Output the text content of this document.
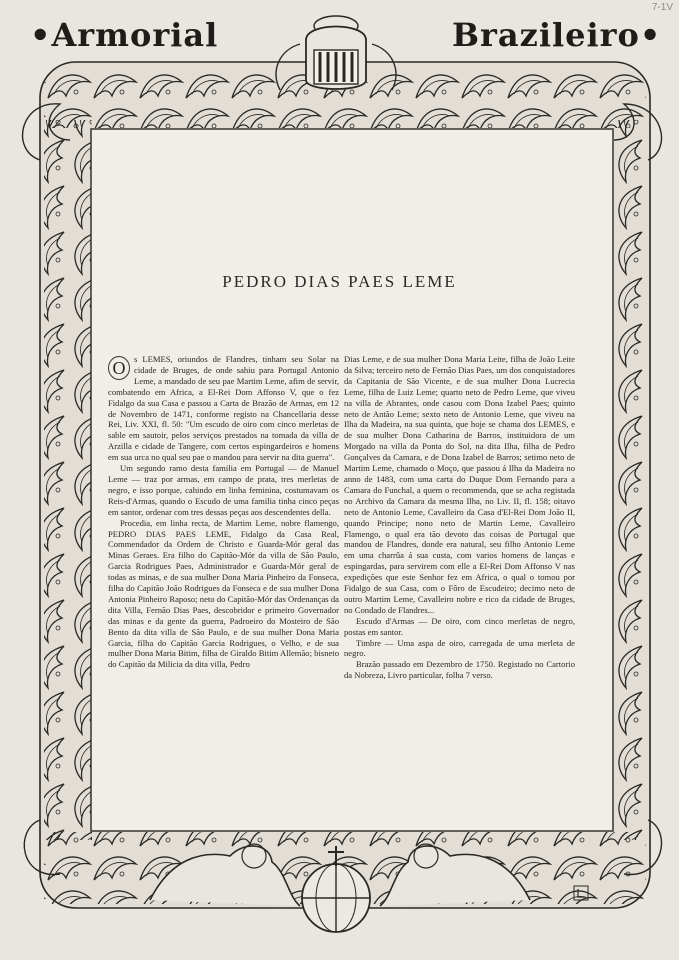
•Armorial	Brazileiro•
7-1V
PEDRO DIAS PAES LEME

O s LEMES, oriundos de Flandres, tinham seu Solar na cidade de Bruges, de onde sahiu para Portugal Antonio Leme, a mandado de seu pae Martim Leme, afim de servir, combatendo em Africa, a El-Rei Dom Affonso V, que o fez Fidalgo da sua Casa e passou a Carta de Brazão de Armas, em 12 de Novembro de 1471, conforme registo na Chancellaria desse Rei, Liv. XXI, fl. 50: "Um escudo de oiro com cinco merletas de sable em sautoir, pelos serviços prestados na tomada da villa de Arzilla e cidade de Tangere, com certos espingardeiros e homens em sua urca no qual seu pae o mandou para servir na dita guerra".

Um segundo ramo desta familia em Portugal — de Manuel Leme — traz por armas, em campo de prata, tres merletas de negro, e isso porque, cahindo em linha feminina, costumavam os Reis-d'Armas, quando o Escudo de uma familia tinha cinco peças em santor, ordenar com tres dessas peças aos descendentes della.

Procedia, em linha recta, de Martim Leme, nobre flamengo, PEDRO DIAS PAES LEME, Fidalgo da Casa Real, Commendador da Ordem de Christo e Guarda-Mór geral das Minas Geraes. Era filho do Capitão-Mór da villa de São Paulo, Garcia Rodrigues Paes, Administrador e Guarda-Mór geral de todas as minas, e de sua mulher Dona Maria Pinheiro da Fonseca, filha do Capitão João Rodrigues da Fonseca e de sua mulher Dona Antonia Pinheiro Raposo; neto do Capitão-Mór das Ordenanças da dita Villa, Fernão Dias Paes, descobridor e primeiro Governador das minas e da gente da guerra, Padroeiro do Mosteiro de São Bento da dita villa de São Paulo, e de sua mulher Dona Maria Garcia, filha do Capitão Garcia Rodrigues, o Velho, e de sua mulher Dona Maria Bitim, filha de Giraldo Bitim Allemão; bisneto do Capitão da Milicia da dita villa, Pedro

Dias Leme, e de sua mulher Dona Maria Leite, filha de João Leite da Silva; terceiro neto de Fernão Dias Paes, um dos conquistadores da Capitania de São Vicente, e de sua mulher Dona Lucrecia Leme, filha de Luiz Leme; quarto neto de Pedro Leme, que viveu na villa de Abrantes, onde casou com Dona Izabel Paes; quinto neto de Antão Leme; sexto neto de Antonio Leme, que viveu na Ilha da Madeira, na sua quinta, que hoje se chama dos LEMES, e de sua mulher Dona Catharina de Barros, instituidora de um Morgado na villa da Ponta do Sol, na dita Ilha, filha de Pedro Gonçalves da Camara, e de Dona Izabel de Barros; setimo neto de Martim Leme, chamado o Moço, que passou á Ilha da Madeira no anno de 1483, com uma carta do Duque Dom Fernando para a Camara do Funchal, a quem o recommenda, que se acha registada no Archivo da Camara da mesma Ilha, no Liv. II, fl. 158; oitavo neto de Antonio Leme, Cavalleiro da Casa d'El-Rei Dom João II, quando Principe; nono neto de Martin Leme, Cavalleiro Flamengo, o qual era tão devoto das coisas de Portugal que mandou de Flandres, donde era natural, seu filho Antonio Leme em uma charrûa á sua custa, com varios homens de lanças e espingardas, para servirem com elle a El-Rei Dom Affonso V nas expedições que este Senhor fez em Africa, o qual o tomou por Fidalgo de sua Casa, com o Fôro de Escudeiro; decimo neto de outro Martim Leme, Cavalleiro nobre e rico da cidade de Bruges, no Condado de Flandres...

Escudo d'Armas — De oiro, com cinco merletas de negro, postas em santor.

Timbre — Uma aspa de oiro, carregada de uma merleta de negro.

Brazão passado em Dezembro de 1750. Registado no Cartorio da Nobreza, Livro particular, folha 7 verso.
